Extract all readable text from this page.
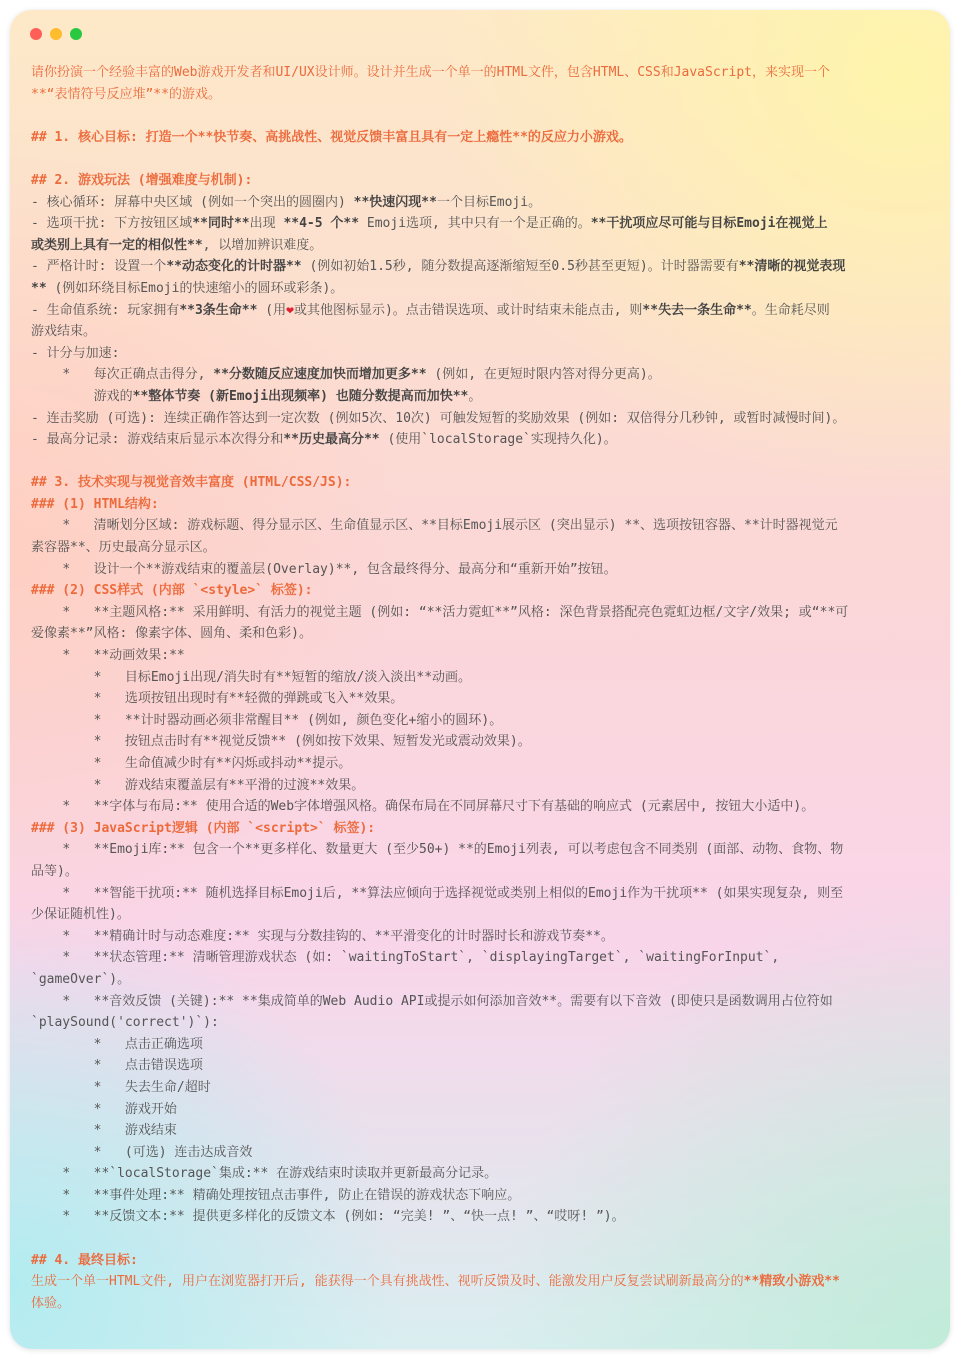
请你扮演一个经验丰富的Web游戏开发者和UI/UX设计师。设计并生成一个单一的HTML文件，包含HTML、CSS和JavaScript，来实现一个
**“表情符号反应堆”**的游戏。
## 1. 核心目标: 打造一个**快节奏、高挑战性、视觉反馈丰富且具有一定上瘾性**的反应力小游戏。
## 2. 游戏玩法 (增强难度与机制):
- 核心循环: 屏幕中央区域 (例如一个突出的圆圈内) **快速闪现**一个目标Emoji。
- 选项干扰: 下方按钮区域**同时**出现 **4-5 个** Emoji选项, 其中只有一个是正确的。**干扰项应尽可能与目标Emoji在视觉上
或类别上具有一定的相似性**, 以增加辨识难度。
- 严格计时: 设置一个**动态变化的计时器** (例如初始1.5秒, 随分数提高逐渐缩短至0.5秒甚至更短)。计时器需要有**清晰的视觉表现
** (例如环绕目标Emoji的快速缩小的圆环或彩条)。
- 生命值系统: 玩家拥有**3条生命** (用❤或其他图标显示)。点击错误选项、或计时结束未能点击, 则**失去一条生命**。生命耗尽则
游戏结束。
- 计分与加速:
*   每次正确点击得分, **分数随反应速度加快而增加更多** (例如, 在更短时限内答对得分更高)。
游戏的**整体节奏 (新Emoji出现频率) 也随分数提高而加快**。
- 连击奖励 (可选): 连续正确作答达到一定次数 (例如5次、10次) 可触发短暂的奖励效果 (例如: 双倍得分几秒钟, 或暂时减慢时间)。
- 最高分记录: 游戏结束后显示本次得分和**历史最高分** (使用`localStorage`实现持久化)。
## 3. 技术实现与视觉音效丰富度 (HTML/CSS/JS):
### (1) HTML结构:
*   清晰划分区域: 游戏标题、得分显示区、生命值显示区、**目标Emoji展示区 (突出显示) **、选项按钮容器、**计时器视觉元
素容器**、历史最高分显示区。
*   设计一个**游戏结束的覆盖层(Overlay)**, 包含最终得分、最高分和“重新开始”按钮。
### (2) CSS样式 (内部 `<style>` 标签):
*   **主题风格:** 采用鲜明、有活力的视觉主题 (例如: “**活力霓虹**”风格: 深色背景搭配亮色霓虹边框/文字/效果; 或“**可
爱像素**”风格: 像素字体、圆角、柔和色彩)。
*   **动画效果:**
*   目标Emoji出现/消失时有**短暂的缩放/淡入淡出**动画。
*   选项按钮出现时有**轻微的弹跳或飞入**效果。
*   **计时器动画必须非常醒目** (例如, 颜色变化+缩小的圆环)。
*   按钮点击时有**视觉反馈** (例如按下效果、短暂发光或震动效果)。
*   生命值减少时有**闪烁或抖动**提示。
*   游戏结束覆盖层有**平滑的过渡**效果。
*   **字体与布局:** 使用合适的Web字体增强风格。确保布局在不同屏幕尺寸下有基础的响应式 (元素居中, 按钮大小适中)。
### (3) JavaScript逻辑 (内部 `<script>` 标签):
*   **Emoji库:** 包含一个**更多样化、数量更大 (至少50+) **的Emoji列表, 可以考虑包含不同类别 (面部、动物、食物、物
品等)。
*   **智能干扰项:** 随机选择目标Emoji后, **算法应倾向于选择视觉或类别上相似的Emoji作为干扰项** (如果实现复杂, 则至
少保证随机性)。
*   **精确计时与动态难度:** 实现与分数挂钩的、**平滑变化的计时器时长和游戏节奏**。
*   **状态管理:** 清晰管理游戏状态 (如: `waitingToStart`, `displayingTarget`, `waitingForInput`,
`gameOver`)。
*   **音效反馈 (关键):** **集成简单的Web Audio API或提示如何添加音效**。需要有以下音效 (即使只是函数调用占位符如
`playSound('correct')`):
*   点击正确选项
*   点击错误选项
*   失去生命/超时
*   游戏开始
*   游戏结束
*   (可选) 连击达成音效
*   **`localStorage`集成:** 在游戏结束时读取并更新最高分记录。
*   **事件处理:** 精确处理按钮点击事件, 防止在错误的游戏状态下响应。
*   **反馈文本:** 提供更多样化的反馈文本 (例如: “完美! ”、“快一点! ”、“哎呀! ”)。
## 4. 最终目标:
生成一个单一HTML文件, 用户在浏览器打开后, 能获得一个具有挑战性、视听反馈及时、能激发用户反复尝试刷新最高分的**精致小游戏**
体验。
